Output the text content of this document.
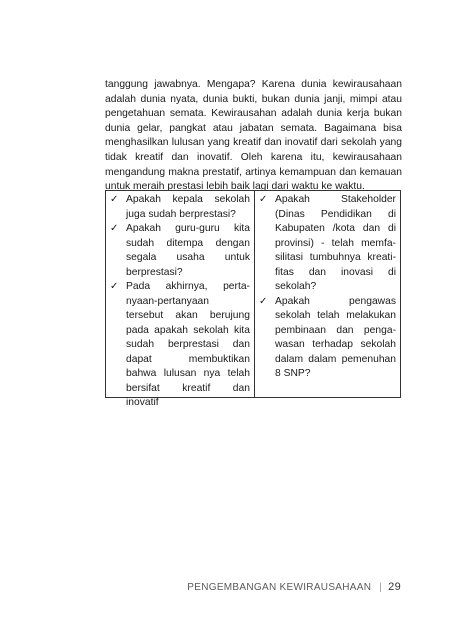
tanggung jawabnya. Mengapa? Karena dunia kewirausahaan
adalah dunia nyata, dunia bukti, bukan dunia janji, mimpi atau
pengetahuan semata. Kewirausahan adalah dunia kerja bukan
dunia gelar, pangkat atau jabatan semata. Bagaimana bisa
menghasilkan lulusan yang kreatif dan inovatif dari sekolah yang
tidak kreatif dan inovatif. Oleh karena itu, kewirausahaan
mengandung makna prestatif, artinya kemampuan dan kemauan
untuk meraih prestasi lebih baik lagi dari waktu ke waktu.

✓ Apakah kepala sekolah
juga sudah berprestasi?
✓ Apakah guru-guru kita
sudah ditempa dengan
segala usaha untuk
berprestasi?
✓ Pada akhirnya, perta-
nyaan-pertanyaan
tersebut akan berujung
pada apakah sekolah kita
sudah berprestasi dan
dapat membuktikan
bahwa lulusan nya telah
bersifat kreatif dan
inovatif
✓ Apakah Stakeholder
(Dinas Pendidikan di
Kabupaten /kota dan di
provinsi) - telah memfa-
silitasi tumbuhnya kreati-
fitas dan inovasi di
sekolah?
✓ Apakah pengawas
sekolah telah melakukan
pembinaan dan penga-
wasan terhadap sekolah
dalam dalam pemenuhan
8 SNP?
PENGEMBANGAN KEWIRAUSAHAAN | 29
